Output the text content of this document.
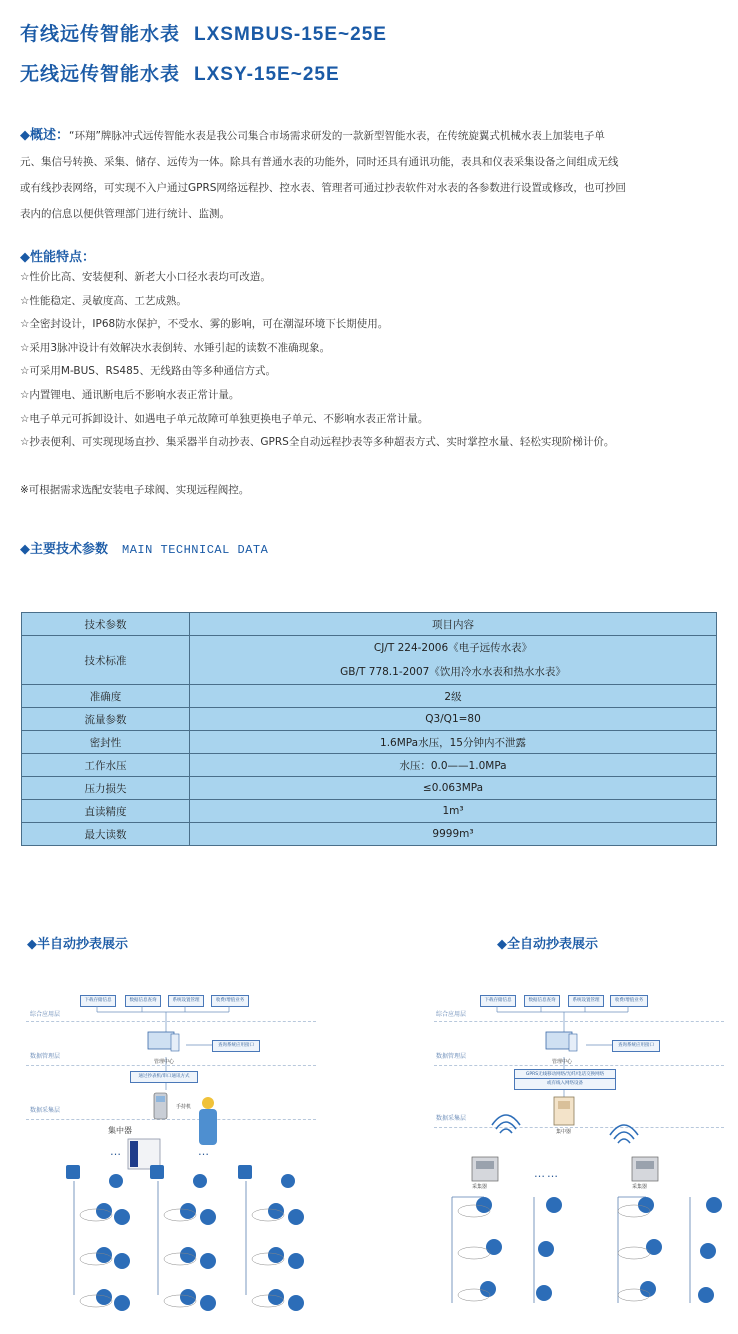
有线远传智能水表 LXSMBUS-15E~25E
无线远传智能水表 LXSY-15E~25E
◆概述：“环翔”牌脉冲式远传智能水表是我公司集合市场需求研发的一款新型智能水表，在传统旋翼式机械水表上加装电子单
元、集信号转换、采集、储存、远传为一体。除具有普通水表的功能外，同时还具有通讯功能，表具和仪表采集设备之间组成无线
或有线抄表网络，可实现不入户通过GPRS网络远程抄、控水表、管理者可通过抄表软件对水表的各参数进行设置或修改，也可抄回
表内的信息以便供管理部门进行统计、监测。
◆性能特点：
☆性价比高、安装便利、新老大小口径水表均可改造。
☆性能稳定、灵敏度高、工艺成熟。
☆全密封设计，IP68防水保护，不受水、雾的影响，可在潮湿环境下长期使用。
☆采用3脉冲设计有效解决水表倒转、水锤引起的读数不准确现象。
☆可采用M-BUS、RS485、无线路由等多种通信方式。
☆内置锂电、通讯断电后不影响水表正常计量。
☆电子单元可拆卸设计、如遇电子单元故障可单独更换电子单元、不影响水表正常计量。
☆抄表便利、可实现现场直抄、集采器半自动抄表、GPRS全自动远程抄表等多种超表方式、实时掌控水量、轻松实现阶梯计价。
※可根据需求选配安装电子球阀、实现远程阀控。
◆主要技术参数 MAIN TECHNICAL DATA
技术参数	项目内容
技术标准	CJ/T 224-2006《电子远传水表》
GB/T 778.1-2007《饮用冷水水表和热水水表》

准确度	2级
流量参数	Q3/Q1=80
密封性	1.6MPa水压，15分钟内不泄露
工作水压	水压：0.0——1.0MPa
压力损失	≤0.063MPa
直读精度	1m³
最大读数	9999m³
◆半自动抄表展示	◆全自动抄表展示
综合应用层
数据管理层
数据采集层
下载存储信息	数据信息查询	系统设置管理	收费/增值业务
管理中心
查询系统应用接口
通过抄表机/串口通讯方式
手持机
集中器
…	…
综合应用层
数据管理层
数据采集层
下载存储信息	数据信息查询	系统设置管理	收费/增值业务
管理中心
查询系统应用接口
GPRS无线移动网络/光纤/电话交换网络
或有线入网络设备
集中器
采集器	采集器
……
